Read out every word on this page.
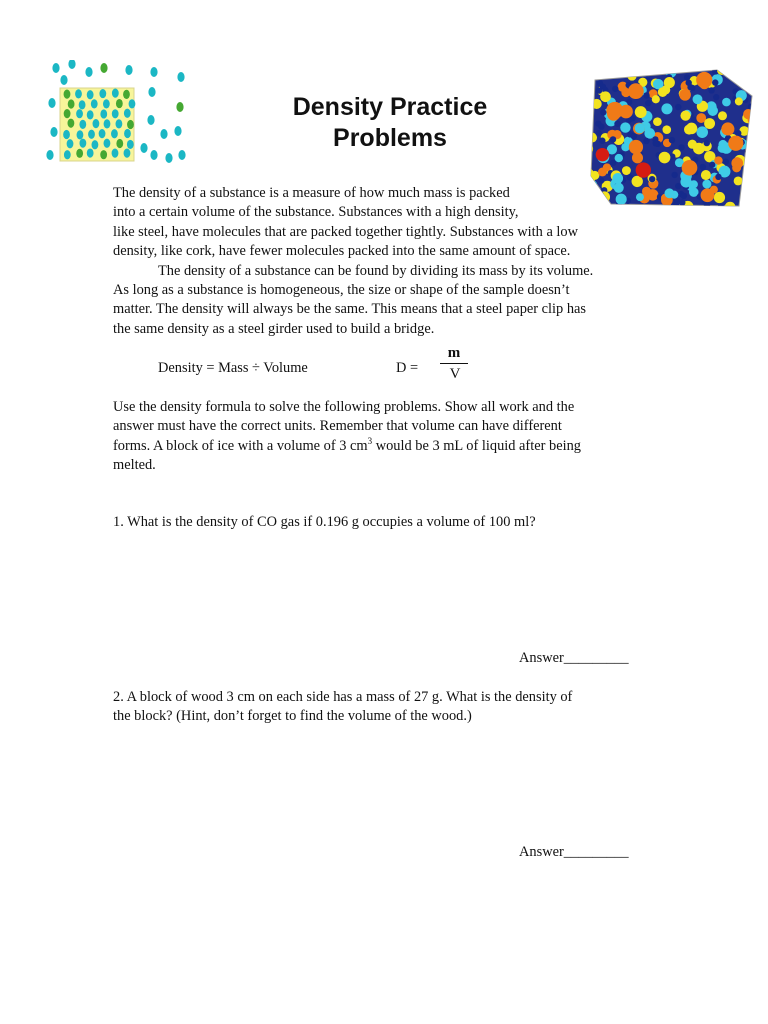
Density Practice
Problems

The density of a substance is a measure of how much mass is packed
into a certain volume of the substance. Substances with a high density,
like steel, have molecules that are packed together tightly. Substances with a low
density, like cork, have fewer molecules packed into the same amount of space.
The density of a substance can be found by dividing its mass by its volume.
As long as a substance is homogeneous, the size or shape of the sample doesn’t
matter. The density will always be the same. This means that a steel paper clip has
the same density as a steel girder used to build a bridge.

Density = Mass ÷ Volume	$D = \frac{m}{V}$

Use the density formula to solve the following problems. Show all work and the
answer must have the correct units. Remember that volume can have different
forms. A block of ice with a volume of 3 $cm^3$ would be 3 mL of liquid after being
melted.

1. What is the density of CO gas if 0.196 g occupies a volume of 100 ml?
Answer_________
2. A block of wood 3 cm on each side has a mass of 27 g. What is the density of
the block? (Hint, don’t forget to find the volume of the wood.)
Answer_________
